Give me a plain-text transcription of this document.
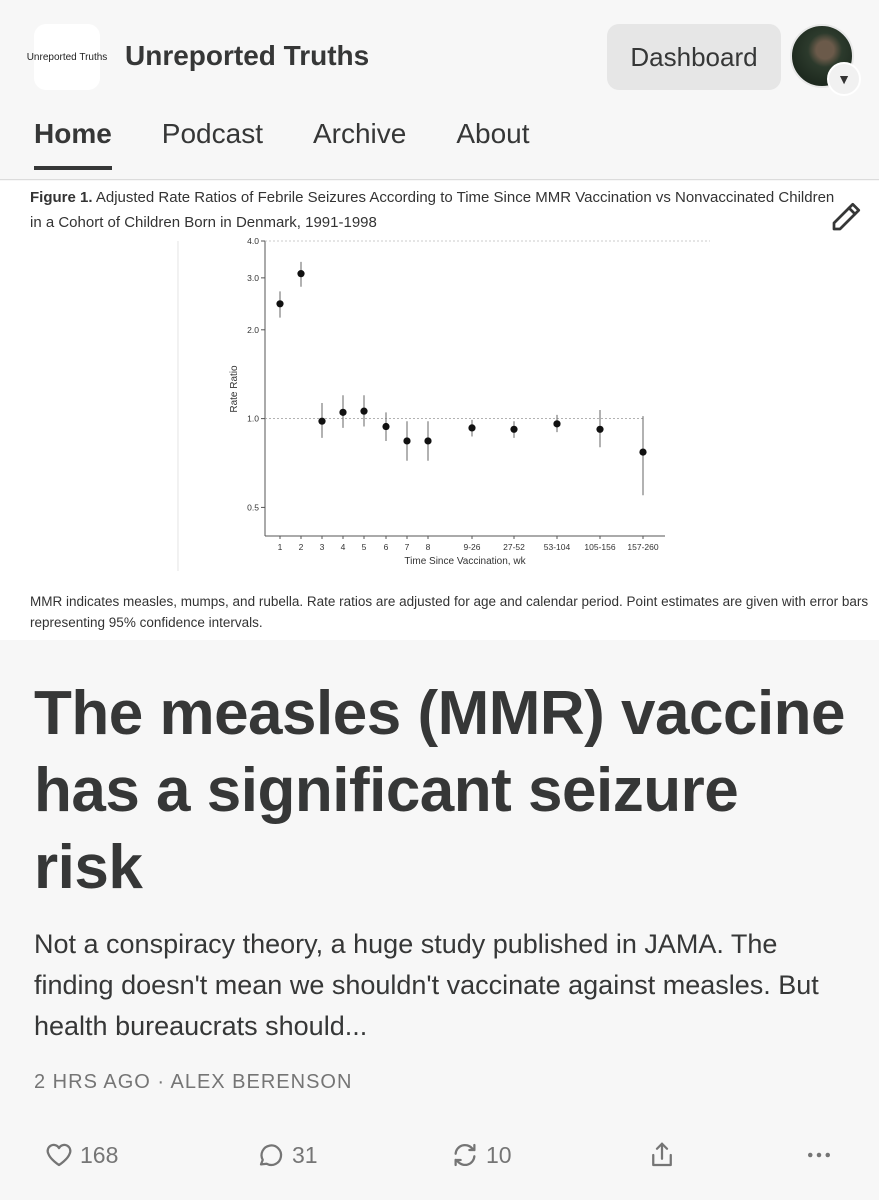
Unreported Truths Unreported Truths	Dashboard
▼
Home Podcast Archive About
Figure 1. Adjusted Rate Ratios of Febrile Seizures According to Time Since MMR Vaccination vs Nonvaccinated Children in a Cohort of Children Born in Denmark, 1991-1998
Rate Ratio
Time Since Vaccination, wk
0.5
1.0
2.0
3.0
4.0
1 2 3 4 5 6 7 8	9-26	27-52 53-104 105-156 157-260
MMR indicates measles, mumps, and rubella. Rate ratios are adjusted for age and calendar period. Point estimates are given with error bars representing 95% confidence intervals.
The measles (MMR) vaccine has a significant seizure risk

Not a conspiracy theory, a huge study published in JAMA. The finding doesn't mean we shouldn't vaccinate against measles. But health bureaucrats should...

2 HRS AGO · ALEX BERENSON
168	31	10
